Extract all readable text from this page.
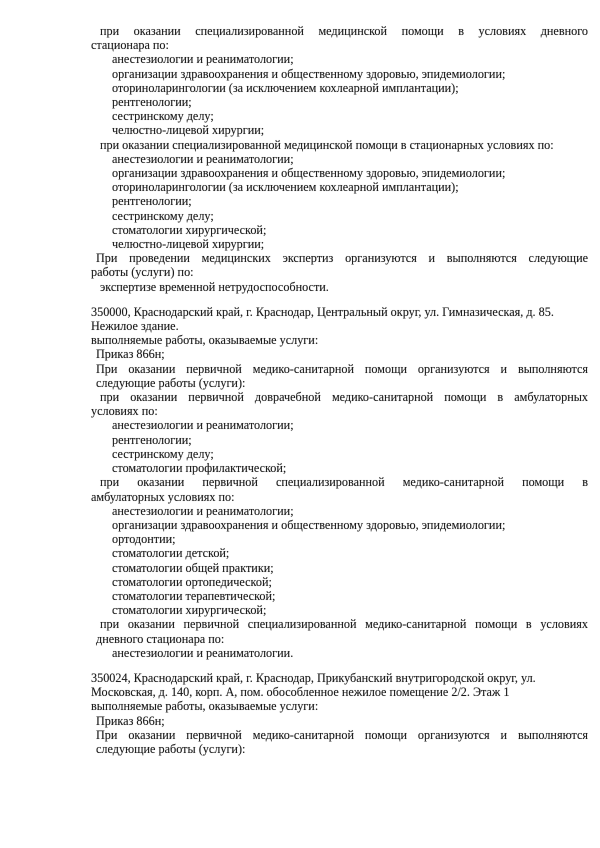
при оказании специализированной медицинской помощи в условиях дневного
стационара по:
анестезиологии и реаниматологии;
организации здравоохранения и общественному здоровью, эпидемиологии;
оториноларингологии (за исключением кохлеарной имплантации);
рентгенологии;
сестринскому делу;
челюстно-лицевой хирургии;
при оказании специализированной медицинской помощи в стационарных условиях по:
анестезиологии и реаниматологии;
организации здравоохранения и общественному здоровью, эпидемиологии;
оториноларингологии (за исключением кохлеарной имплантации);
рентгенологии;
сестринскому делу;
стоматологии хирургической;
челюстно-лицевой хирургии;
При проведении медицинских экспертиз организуются и выполняются следующие
работы (услуги) по:
экспертизе временной нетрудоспособности.
350000, Краснодарский край, г. Краснодар, Центральный округ, ул. Гимназическая, д. 85.
Нежилое здание.
выполняемые работы, оказываемые услуги:
Приказ 866н;
При оказании первичной медико-санитарной помощи организуются и выполняются
следующие работы (услуги):
при оказании первичной доврачебной медико-санитарной помощи в амбулаторных
условиях по:
анестезиологии и реаниматологии;
рентгенологии;
сестринскому делу;
стоматологии профилактической;
при оказании первичной специализированной медико-санитарной помощи в
амбулаторных условиях по:
анестезиологии и реаниматологии;
организации здравоохранения и общественному здоровью, эпидемиологии;
ортодонтии;
стоматологии детской;
стоматологии общей практики;
стоматологии ортопедической;
стоматологии терапевтической;
стоматологии хирургической;
при оказании первичной специализированной медико-санитарной помощи в условиях
дневного стационара по:
анестезиологии и реаниматологии.
350024, Краснодарский край, г. Краснодар, Прикубанский внутригородской округ, ул.
Московская, д. 140, корп. А, пом. обособленное нежилое помещение 2/2. Этаж 1
выполняемые работы, оказываемые услуги:
Приказ 866н;
При оказании первичной медико-санитарной помощи организуются и выполняются
следующие работы (услуги):
